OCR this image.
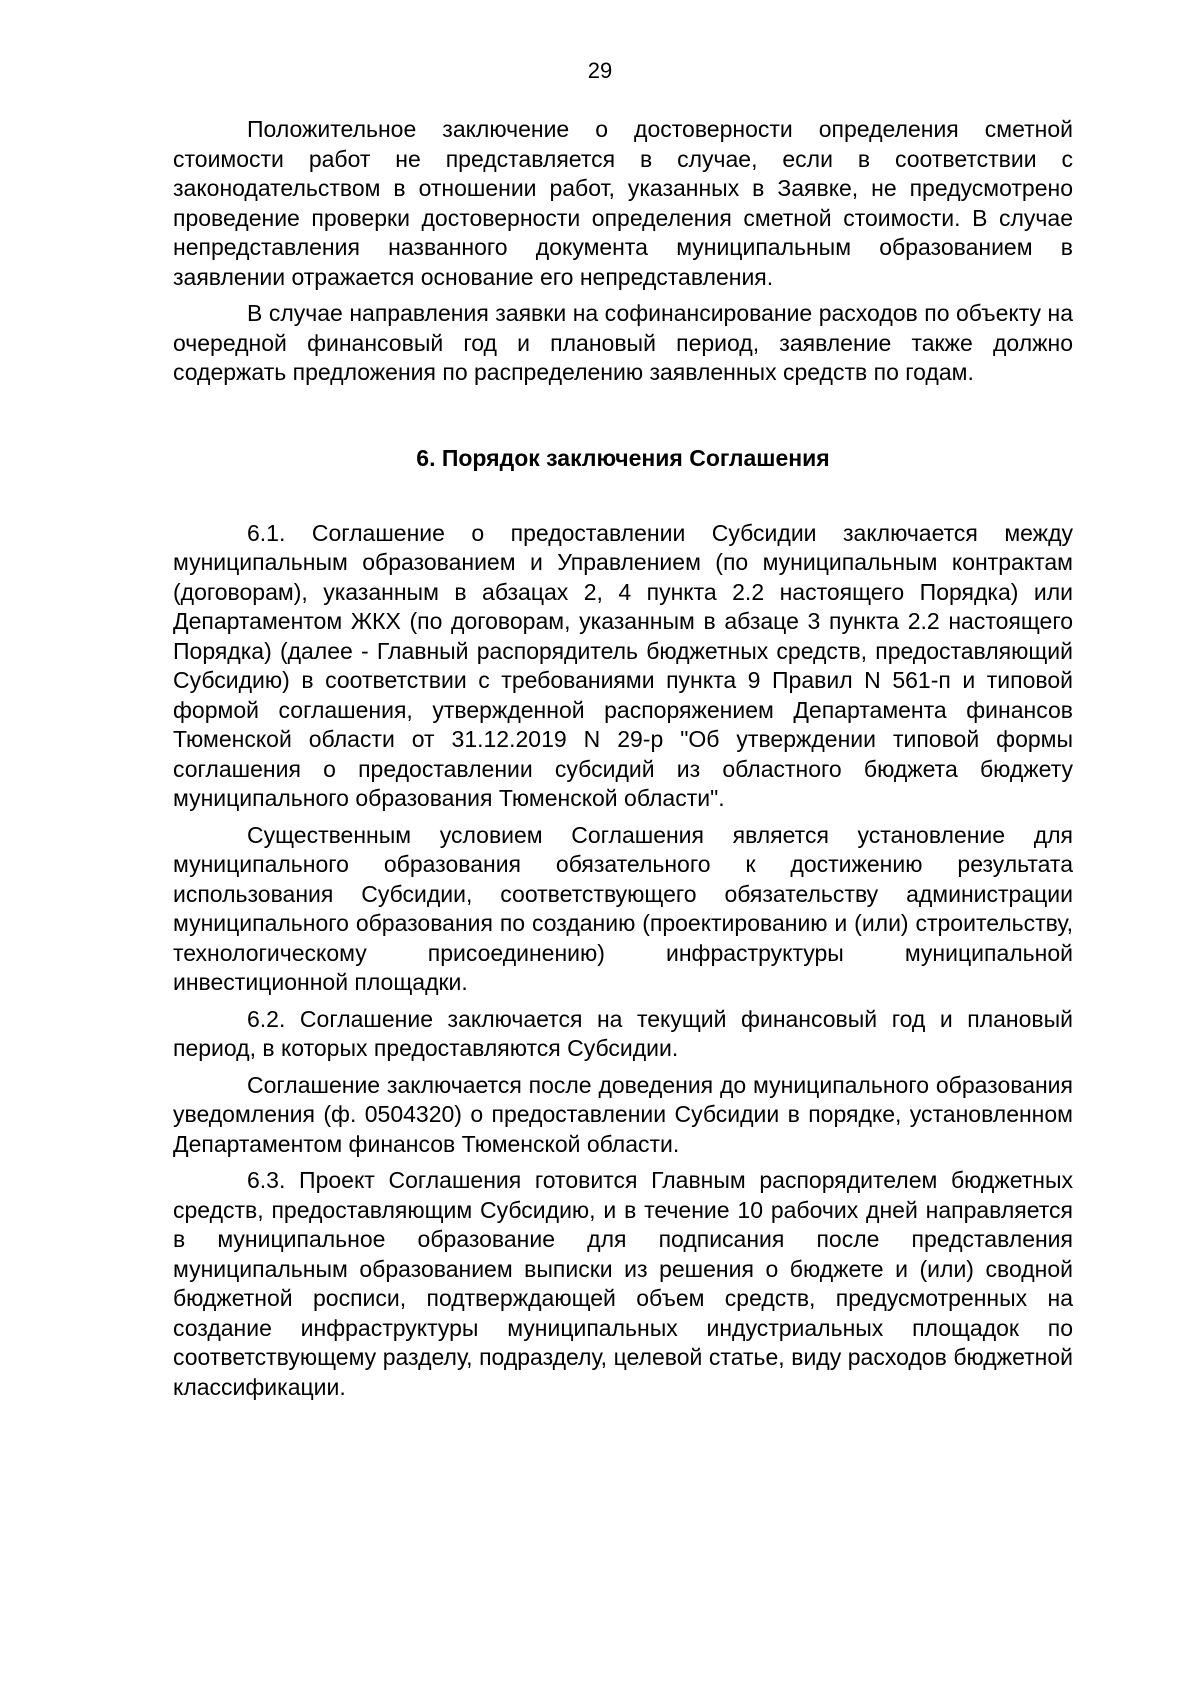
29

Положительное заключение о достоверности определения сметной стоимости работ не представляется в случае, если в соответствии с законодательством в отношении работ, указанных в Заявке, не предусмотрено проведение проверки достоверности определения сметной стоимости. В случае непредставления названного документа муниципальным образованием в заявлении отражается основание его непредставления.

В случае направления заявки на софинансирование расходов по объекту на очередной финансовый год и плановый период, заявление также должно содержать предложения по распределению заявленных средств по годам.

6. Порядок заключения Соглашения

6.1. Соглашение о предоставлении Субсидии заключается между муниципальным образованием и Управлением (по муниципальным контрактам (договорам), указанным в абзацах 2, 4 пункта 2.2 настоящего Порядка) или Департаментом ЖКХ (по договорам, указанным в абзаце 3 пункта 2.2 настоящего Порядка) (далее - Главный распорядитель бюджетных средств, предоставляющий Субсидию) в соответствии с требованиями пункта 9 Правил N 561-п и типовой формой соглашения, утвержденной распоряжением Департамента финансов Тюменской области от 31.12.2019 N 29-р "Об утверждении типовой формы соглашения о предоставлении субсидий из областного бюджета бюджету муниципального образования Тюменской области".

Существенным условием Соглашения является установление для муниципального образования обязательного к достижению результата использования Субсидии, соответствующего обязательству администрации муниципального образования по созданию (проектированию и (или) строительству, технологическому присоединению) инфраструктуры муниципальной инвестиционной площадки.

6.2. Соглашение заключается на текущий финансовый год и плановый период, в которых предоставляются Субсидии.

Соглашение заключается после доведения до муниципального образования уведомления (ф. 0504320) о предоставлении Субсидии в порядке, установленном Департаментом финансов Тюменской области.

6.3. Проект Соглашения готовится Главным распорядителем бюджетных средств, предоставляющим Субсидию, и в течение 10 рабочих дней направляется в муниципальное образование для подписания после представления муниципальным образованием выписки из решения о бюджете и (или) сводной бюджетной росписи, подтверждающей объем средств, предусмотренных на создание инфраструктуры муниципальных индустриальных площадок по соответствующему разделу, подразделу, целевой статье, виду расходов бюджетной классификации.
